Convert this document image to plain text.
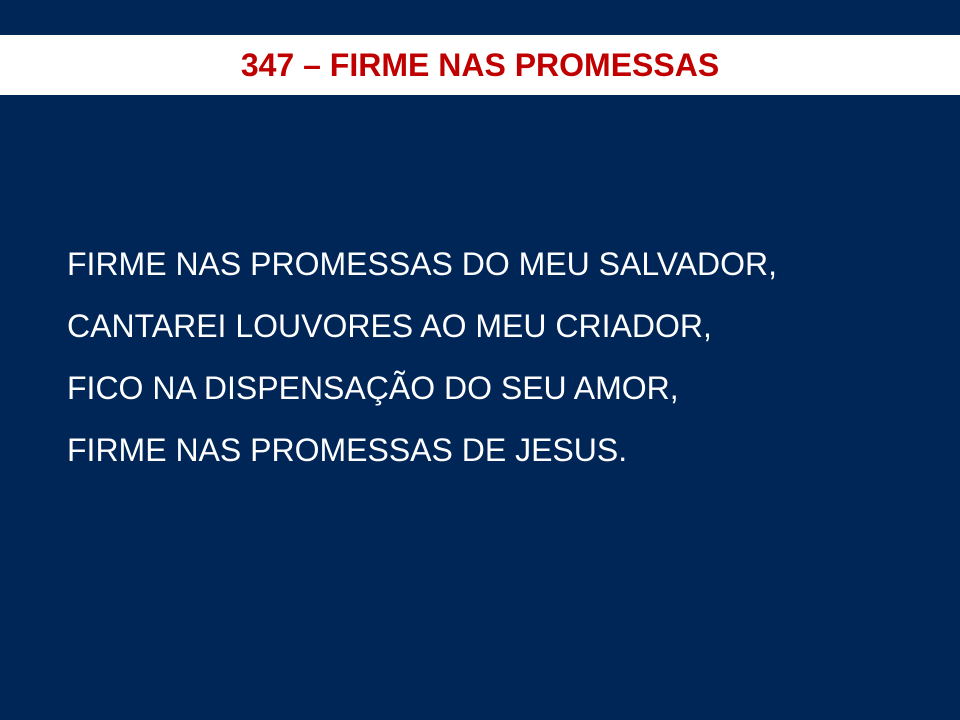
347 – FIRME NAS PROMESSAS
FIRME NAS PROMESSAS DO MEU SALVADOR,
CANTAREI LOUVORES AO MEU CRIADOR,
FICO NA DISPENSAÇÃO DO SEU AMOR,
FIRME NAS PROMESSAS DE JESUS.
